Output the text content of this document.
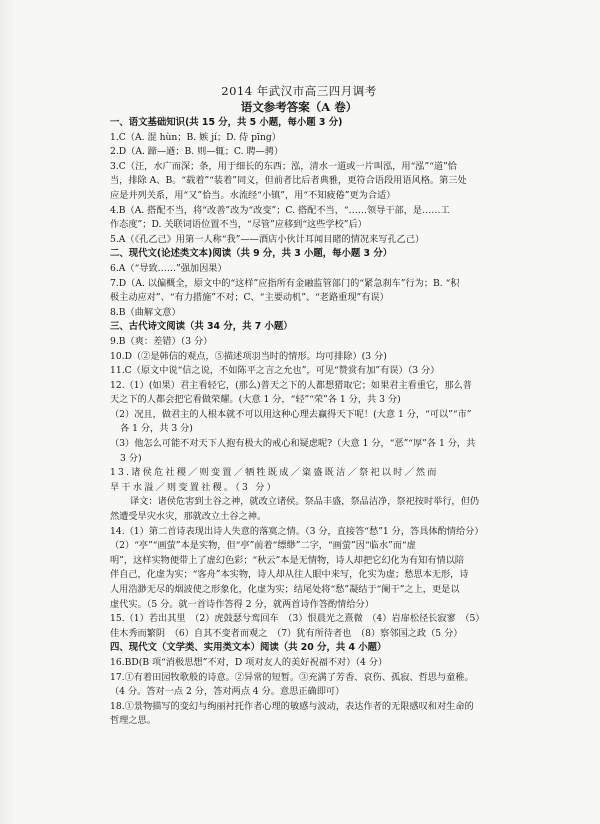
2014 年武汉市高三四月调考
语文参考答案（A 卷）
一、语文基础知识(共 15 分，共 5 小题，每小题 3 分)
1.C（A. 混 hùn；B. 嫉 jí；D. 侍 pīng）
2.D（A. 蹄—遒；B. 则—辄；C. 聘—骋）
3.C（汪，水广而深；条，用于细长的东西；泓，清水一道或一片叫泓，用“泓”“道”恰
当，排除 A、B。“载着”“装着”同义，但前者比后者典雅，更符合语段用语风格。第三处
应是并列关系，用“又”恰当。水流经“小镇”，用“不知疲倦”更为合适）
4.B（A. 搭配不当，将“改善”改为“改变”；C. 搭配不当，“……领导干部，是……工
作态度”；D. 关联词语位置不当，“尽管”应移到“这些学校”后）
5.A（《孔乙己》用第一人称“我”——酒店小伙计耳闻目睹的情况来写孔乙己）
二、现代文(论述类文本)阅读（共 9 分，共 3 小题，每小题 3 分）
6.A（“导致……”强加因果）
7.D（A. 以偏概全，原文中的“这样”应指所有金融监管部门的“紧急刹车”行为；B. “积
极主动应对”、“有力措施”不对；C、“主要动机”、“老路重现”有误）
8.B（曲解文意）
三、古代诗文阅读（共 34 分，共 7 小题）
9.B（爽：差错）（3 分）
10.D（②是韩信的观点，⑤描述项羽当时的情形。均可排除）(3 分)
11.C（原文中说“信之说，不如陈平之言之允也”，可见“赞赏有加”有误）（3 分）
12.（1）(如果）君主看轻它，(那么)普天之下的人都想猎取它；如果君主看重它，那么普
天之下的人都会把它看做荣耀。(大意 1 分，“轻”“荣”各 1 分，共 3 分)
（2）况且，做君主的人根本就不可以用这种心理去赢得天下呢！(大意 1 分，“可以”“市”
各 1 分，共 3 分)
（3）他怎么可能不对天下人抱有极大的戒心和疑虑呢?（大意 1 分，“恶”“厚”各 1 分，共
3 分)
13.诸侯危社稷／则变置／牺牲既成／粢盛既洁／祭祀以时／然而
旱干水溢／则变置社稷。（3 分）
译文：诸侯危害到土谷之神，就改立诸侯。祭品丰盛，祭品洁净，祭祀按时举行，但仍
然遭受旱灾水灾，那就改立土谷之神。
14.（1）第二首诗表现出诗人失意的落寞之情。（3 分，直接答“愁”1 分，答具体酌情给分）
（2）“亭”“画萤”本是实物，但“亭”前着“缥缈”二字，“画萤”因“临水”而“虚
明”，这样实物便带上了虚幻色彩；“秋云”本是无情物，诗人却把它幻化为有知有情以陪
伴自己，化虚为实；“客舟”本实物，诗人却从往人眼中来写，化实为虚；愁思本无形，诗
人用浩渺无尽的烟波使之形象化，化虚为实；结尾处将“愁”凝结于“阑干”之上，更是以
虚代实。（5 分。就一首诗作答得 2 分，就两首诗作答酌情给分）
15.（1）若出其里　（2）虎鼓瑟兮鸾回车　（3）恨晨光之熹微　（4）岩扉松径长寂寥　（5）
佳木秀而繁阴　（6）自其不变者而观之　（7）犹有所待者也　（8）察邻国之政（5 分）
四、现代文（文学类、实用类文本）阅读（共 20 分，共 4 小题）
16.BD(B 项“消极思想”不对，D 项对友人的美好祝福不对）（4 分）
17.①有着田园牧歌般的诗意。②异常的短暂。③充满了芳香、哀伤、孤寂、哲思与童稚。
（4 分。答对一点 2 分，答对两点 4 分。意思正确即可）
18.①景物描写的变幻与绚丽衬托作者心理的敏感与波动，表达作者的无限感叹和对生命的
哲理之思。
